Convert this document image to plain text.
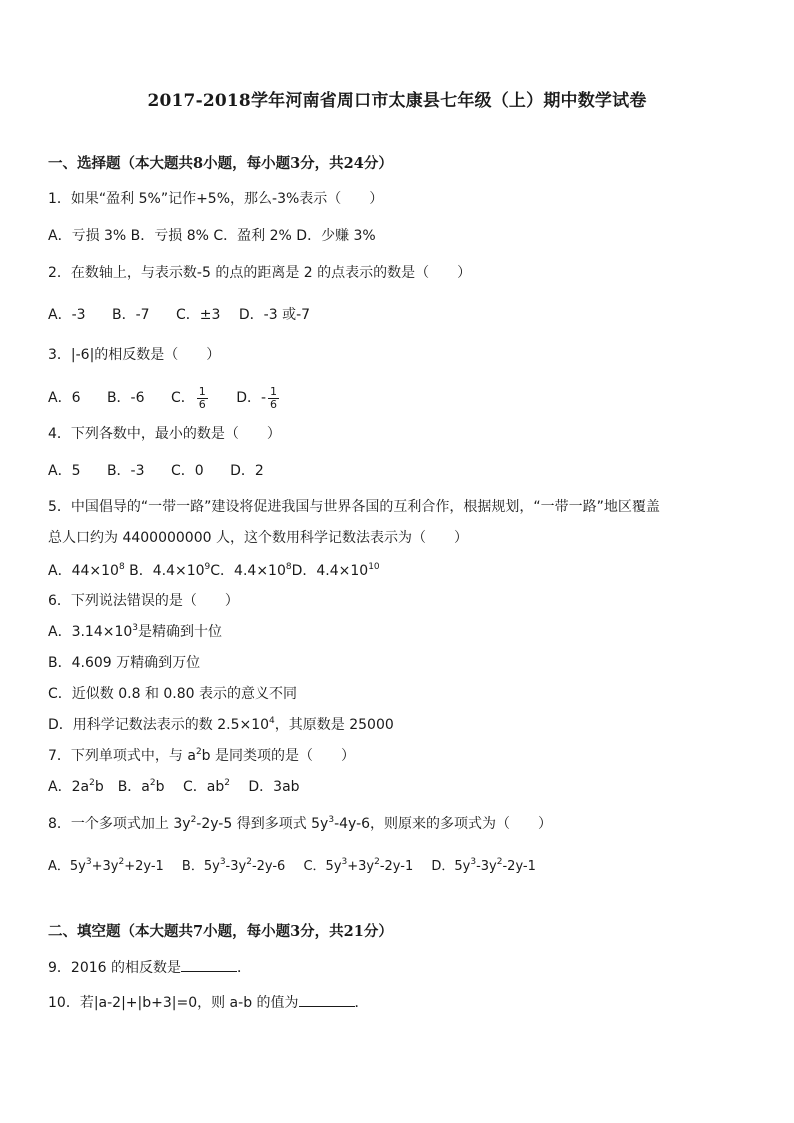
2017-2018学年河南省周口市太康县七年级（上）期中数学试卷
一、选择题（本大题共8小题，每小题3分，共24分）
1．如果“盈利 5%”记作+5%，那么-3%表示（　　）
A．亏损 3% B．亏损 8% C．盈利 2% D．少赚 3%
2．在数轴上，与表示数-5 的点的距离是 2 的点表示的数是（　　）
A．-3 B．-7 C．±3 D．-3 或-7
3．|-6|的相反数是（　　）
A．6 B．-6 C． $\frac{1}{6}$ D．- $\frac{1}{6}$
4．下列各数中，最小的数是（　　）
A．5 B．-3 C．0 D．2
5．中国倡导的“一带一路”建设将促进我国与世界各国的互利合作，根据规划，“一带一路”地区覆盖
总人口约为 4400000000 人，这个数用科学记数法表示为（　　）
A．$44\times 10^8$ B．$4.4\times 10^9C$．$4.4\times 10^8D$．$4.4\times 10^{10}$
6．下列说法错误的是（　　）
A．$3.14\times 10^3$是精确到十位
B．4.609 万精确到万位
C．近似数 0.8 和 0.80 表示的意义不同
D．用科学记数法表示的数 $2.5\times 10^4$，其原数是 25000
7．下列单项式中，与 $a^2b$ 是同类项的是（　　）
A．$2a^2b$ B．$a^2b$ C．$ab^2$ D．3ab
8．一个多项式加上 $3y^2-2y-5$ 得到多项式 $5y^3-4y-6$，则原来的多项式为（　　）
A．$5y^3+3y^2+2y-1$ B．$5y^3-3y^2-2y-6$ C．$5y^3+3y^2-2y-1$ D．$5y^3-3y^2-2y-1$
二、填空题（本大题共7小题，每小题3分，共21分）
9．2016 的相反数是	．
10．若|a-2|+|b+3|=0，则 a-b 的值为	．
